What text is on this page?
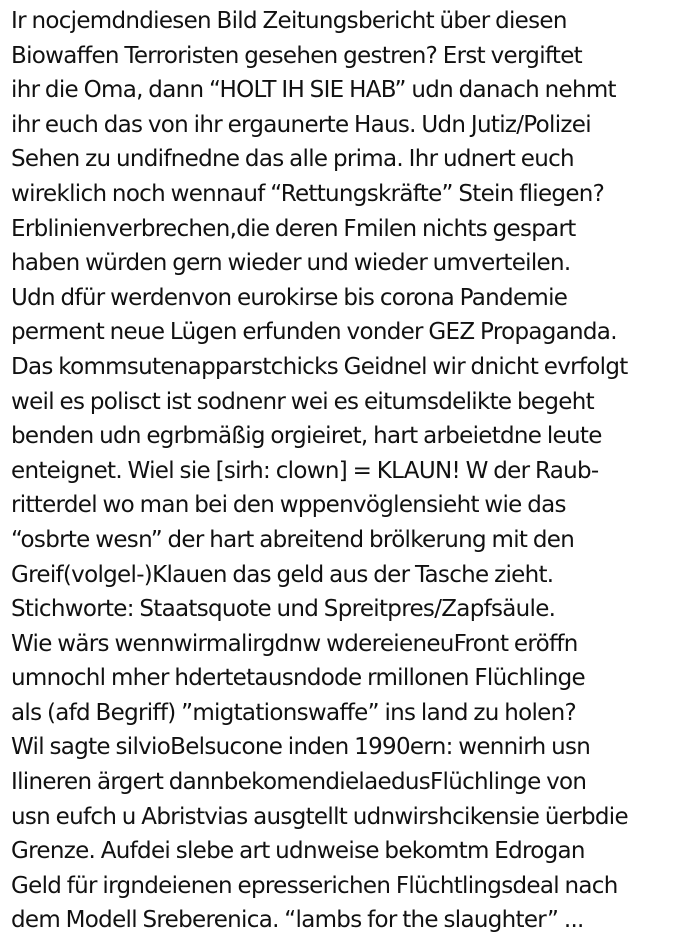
Ir nocjemdndiesen Bild Zeitungsbericht über diesen
Biowaffen Terroristen gesehen gestren? Erst vergiftet
ihr die Oma, dann “HOLT IH SIE HAB” udn danach nehmt
ihr euch das von ihr ergaunerte Haus. Udn Jutiz/Polizei
Sehen zu undifnedne das alle prima. Ihr udnert euch
wireklich noch wennauf “Rettungskräfte” Stein fliegen?
Erblinienverbrechen,die deren Fmilen nichts gespart
haben würden gern wieder und wieder umverteilen.
Udn dfür werdenvon eurokirse bis corona Pandemie
perment neue Lügen erfunden vonder GEZ Propaganda.
Das kommsutenapparstchicks Geidnel wir dnicht evrfolgt
weil es polisct ist sodnenr wei es eitumsdelikte begeht
benden udn egrbmäßig orgieiret, hart arbeietdne leute
enteignet. Wiel sie [sirh: clown] = KLAUN! W der Raub-
ritterdel wo man bei den wppenvöglensieht wie das
“osbrte wesn” der hart abreitend brölkerung mit den
Greif(volgel-)Klauen das geld aus der Tasche zieht.
Stichworte: Staatsquote und Spreitpres/Zapfsäule.
Wie wärs wennwirmalirgdnw wdereieneuFront eröffn
umnochl mher hdertetausndode rmillonen Flüchlinge
als (afd Begriff) ”migtationswaffe” ins land zu holen?
Wil sagte silvioBelsucone inden 1990ern: wennirh usn
Ilineren ärgert dannbekomendielaedusFlüchlinge von
usn eufch u Abristvias ausgtellt udnwirshcikensie üerbdie
Grenze. Aufdei slebe art udnweise bekomtm Edrogan
Geld für irgndeienen epresserichen Flüchtlingsdeal nach
dem Modell Sreberenica. “lambs for the slaughter” ...
